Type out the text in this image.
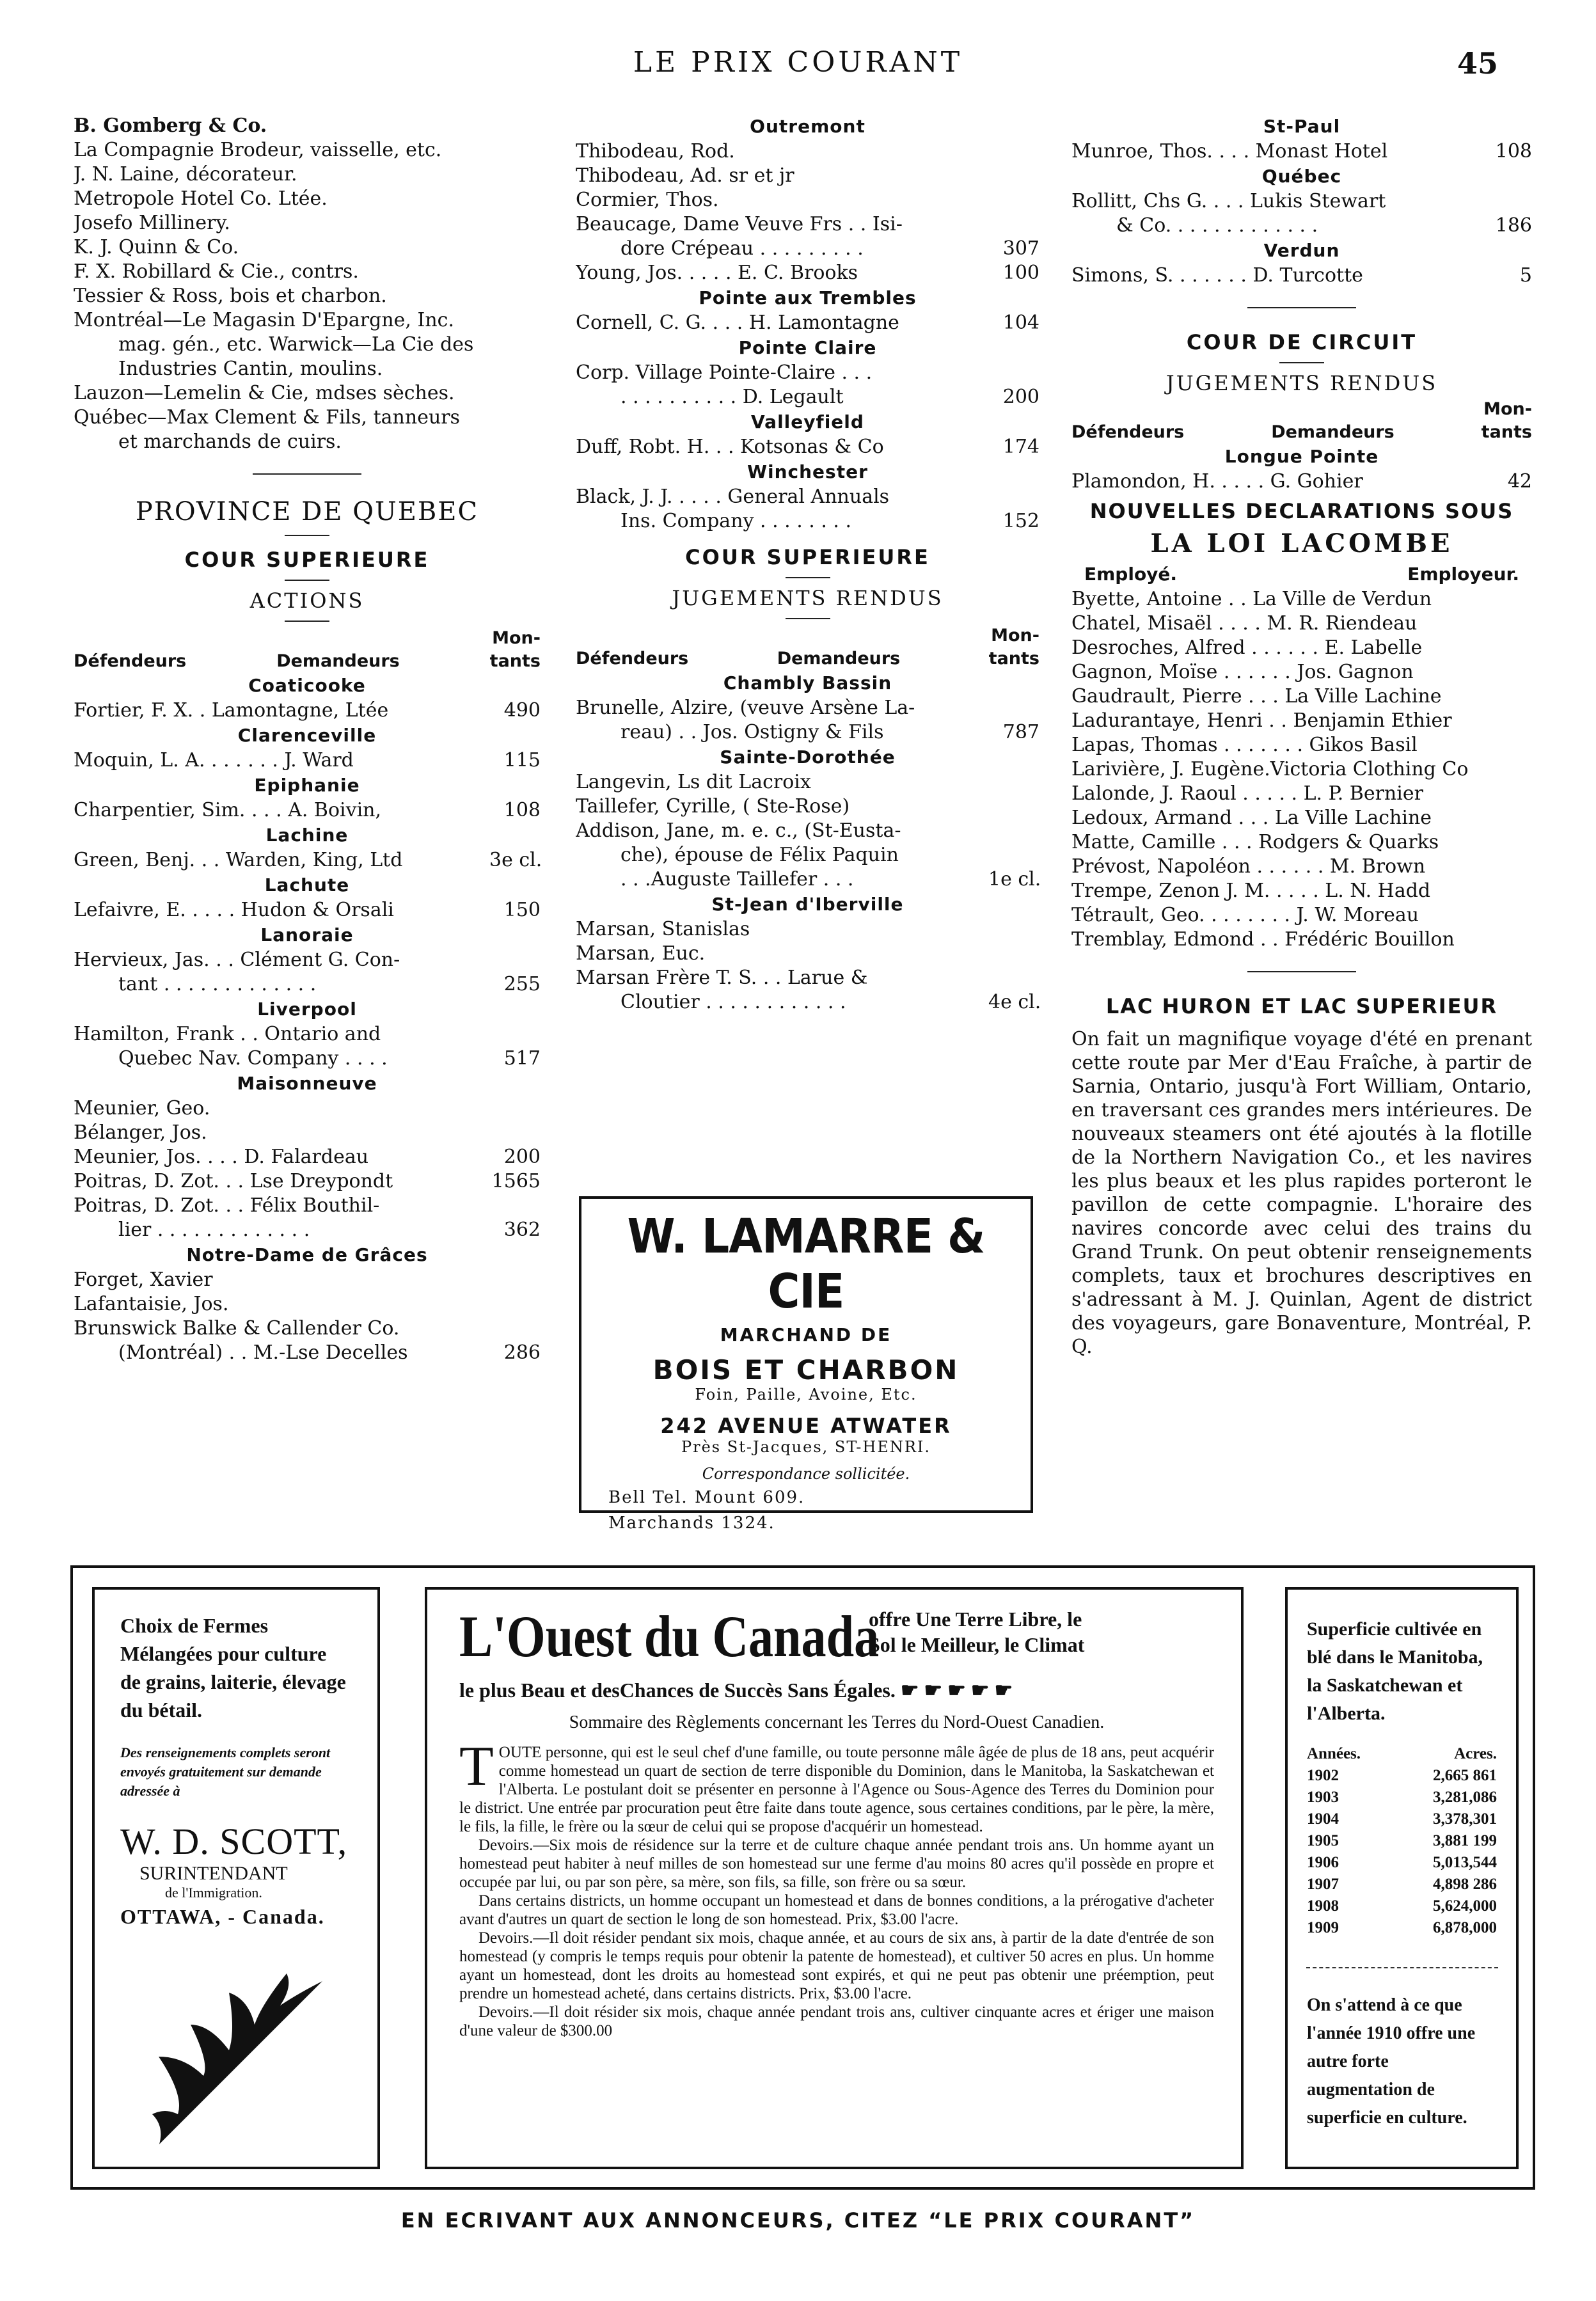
LE PRIX COURANT	45
B. Gomberg & Co.
La Compagnie Brodeur, vaisselle, etc.
J. N. Laine, décorateur.
Metropole Hotel Co. Ltée.
Josefo Millinery.
K. J. Quinn & Co.
F. X. Robillard & Cie., contrs.
Tessier & Ross, bois et charbon.
Montréal—Le Magasin D'Epargne, Inc.
mag. gén., etc. Warwick—La Cie des
Industries Cantin, moulins.
Lauzon—Lemelin & Cie, mdses sèches.
Québec—Max Clement & Fils, tanneurs
et marchands de cuirs.
PROVINCE DE QUEBEC
COUR SUPERIEURE
ACTIONS
Défendeurs	Demandeurs
Mon-
tants
Coaticooke
Fortier, F. X. . Lamontagne, Ltée	490
Clarenceville
Moquin, L. A. . . . . . . J. Ward	115
Epiphanie
Charpentier, Sim. . . . A. Boivin,	108
Lachine
Green, Benj. . . Warden, King, Ltd	3e cl.
Lachute
Lefaivre, E. . . . . Hudon & Orsali	150
Lanoraie
Hervieux, Jas. . . Clément G. Con-
tant . . . . . . . . . . . . .	255
Liverpool
Hamilton, Frank . . Ontario and
Quebec Nav. Company . . . .	517
Maisonneuve
Meunier, Geo.
Bélanger, Jos.
Meunier, Jos. . . . D. Falardeau	200
Poitras, D. Zot. . . Lse Dreypondt	1565
Poitras, D. Zot. . . Félix Bouthil-
lier . . . . . . . . . . . . .	362
Notre-Dame de Grâces
Forget, Xavier
Lafantaisie, Jos.
Brunswick Balke & Callender Co.
(Montréal) . . M.-Lse Decelles	286
Outremont
Thibodeau, Rod.
Thibodeau, Ad. sr et jr
Cormier, Thos.
Beaucage, Dame Veuve Frs . . Isi-
dore Crépeau . . . . . . . . .	307
Young, Jos. . . . . E. C. Brooks	100
Pointe aux Trembles
Cornell, C. G. . . . H. Lamontagne	104
Pointe Claire
Corp. Village Pointe-Claire . . .
. . . . . . . . . . D. Legault	200
Valleyfield
Duff, Robt. H. . . Kotsonas & Co	174
Winchester
Black, J. J. . . . . General Annuals
Ins. Company . . . . . . . .	152
COUR SUPERIEURE
JUGEMENTS RENDUS
Défendeurs	Demandeurs
Mon-
tants
Chambly Bassin
Brunelle, Alzire, (veuve Arsène La-
reau) . . Jos. Ostigny & Fils	787
Sainte-Dorothée
Langevin, Ls dit Lacroix
Taillefer, Cyrille, ( Ste-Rose)
Addison, Jane, m. e. c., (St-Eusta-
che), épouse de Félix Paquin
. . .Auguste Taillefer . . .	1e cl.
St-Jean d'Iberville
Marsan, Stanislas
Marsan, Euc.
Marsan Frère T. S. . . Larue &
Cloutier . . . . . . . . . . . .	4e cl.
W. LAMARRE & CIE
MARCHAND DE
BOIS ET CHARBON
Foin, Paille, Avoine, Etc.
242 AVENUE ATWATER
Près St-Jacques, ST-HENRI.
Correspondance sollicitée.
Bell Tel. Mount 609.
Marchands 1324.
St-Paul
Munroe, Thos. . . . Monast Hotel	108
Québec
Rollitt, Chs G. . . . Lukis Stewart
& Co. . . . . . . . . . . . .	186
Verdun
Simons, S. . . . . . . D. Turcotte	5
COUR DE CIRCUIT
JUGEMENTS RENDUS
Défendeurs	Demandeurs
Mon-
tants
Longue Pointe
Plamondon, H. . . . . G. Gohier	42
NOUVELLES DECLARATIONS SOUS
LA LOI LACOMBE
Employé.	Employeur.
Byette, Antoine . . La Ville de Verdun
Chatel, Misaël . . . . M. R. Riendeau
Desroches, Alfred . . . . . . E. Labelle
Gagnon, Moïse . . . . . . Jos. Gagnon
Gaudrault, Pierre . . . La Ville Lachine
Ladurantaye, Henri . . Benjamin Ethier
Lapas, Thomas . . . . . . . Gikos Basil
Larivière, J. Eugène.Victoria Clothing Co
Lalonde, J. Raoul . . . . . L. P. Bernier
Ledoux, Armand . . . La Ville Lachine
Matte, Camille . . . Rodgers & Quarks
Prévost, Napoléon . . . . . . M. Brown
Trempe, Zenon J. M. . . . . L. N. Hadd
Tétrault, Geo. . . . . . . . J. W. Moreau
Tremblay, Edmond . . Frédéric Bouillon
LAC HURON ET LAC SUPERIEUR
On fait un magnifique voyage d'été en prenant cette route par Mer d'Eau Fraîche, à partir de Sarnia, Ontario, jusqu'à Fort William, Ontario, en traversant ces grandes mers intérieures. De nouveaux steamers ont été ajoutés à la flotille de la Northern Navigation Co., et les navires les plus beaux et les plus rapides porteront le pavillon de cette compagnie. L'horaire des navires concorde avec celui des trains du Grand Trunk. On peut obtenir renseignements complets, taux et brochures descriptives en s'adressant à M. J. Quinlan, Agent de district des voyageurs, gare Bonaventure, Montréal, P. Q.
Choix de Fermes Mélangées pour culture de grains, laiterie, élevage du bétail.
Des renseignements complets seront envoyés gratuitement sur demande adressée à
W. D. SCOTT,
SURINTENDANT
de l'Immigration.
OTTAWA, - Canada.
L'Ouest du Canada
offre Une Terre Libre, le
Sol le Meilleur, le Climat
le plus Beau et desChances de Succès Sans Égales. ☛ ☛ ☛ ☛ ☛
Sommaire des Règlements concernant les Terres du Nord-Ouest Canadien.

TOUTE personne, qui est le seul chef d'une famille, ou toute personne mâle âgée de plus de 18 ans, peut acquérir comme homestead un quart de section de terre disponible du Dominion, dans le Manitoba, la Saskatchewan et l'Alberta. Le postulant doit se présenter en personne à l'Agence ou Sous-Agence des Terres du Dominion pour le district. Une entrée par procuration peut être faite dans toute agence, sous certaines conditions, par le père, la mère, le fils, la fille, le frère ou la sœur de celui qui se propose d'acquérir un homestead.

Devoirs.—Six mois de résidence sur la terre et de culture chaque année pendant trois ans. Un homme ayant un homestead peut habiter à neuf milles de son homestead sur une ferme d'au moins 80 acres qu'il possède en propre et occupée par lui, ou par son père, sa mère, son fils, sa fille, son frère ou sa sœur.

Dans certains districts, un homme occupant un homestead et dans de bonnes conditions, a la prérogative d'acheter avant d'autres un quart de section le long de son homestead. Prix, $3.00 l'acre.

Devoirs.—Il doit résider pendant six mois, chaque année, et au cours de six ans, à partir de la date d'entrée de son homestead (y compris le temps requis pour obtenir la patente de homestead), et cultiver 50 acres en plus. Un homme ayant un homestead, dont les droits au homestead sont expirés, et qui ne peut pas obtenir une préemption, peut prendre un homestead acheté, dans certains districts. Prix, $3.00 l'acre.

Devoirs.—Il doit résider six mois, chaque année pendant trois ans, cultiver cinquante acres et ériger une maison d'une valeur de $300.00

Superficie cultivée en blé dans le Manitoba, la Saskatchewan et l'Alberta.
Années.	Acres.
1902	2,665 861
1903	3,281,086
1904	3,378,301
1905	3,881 199
1906	5,013,544
1907	4,898 286
1908	5,624,000
1909	6,878,000
On s'attend à ce que l'année 1910 offre une autre forte augmentation de superficie en culture.
EN ECRIVANT AUX ANNONCEURS, CITEZ “LE PRIX COURANT”
